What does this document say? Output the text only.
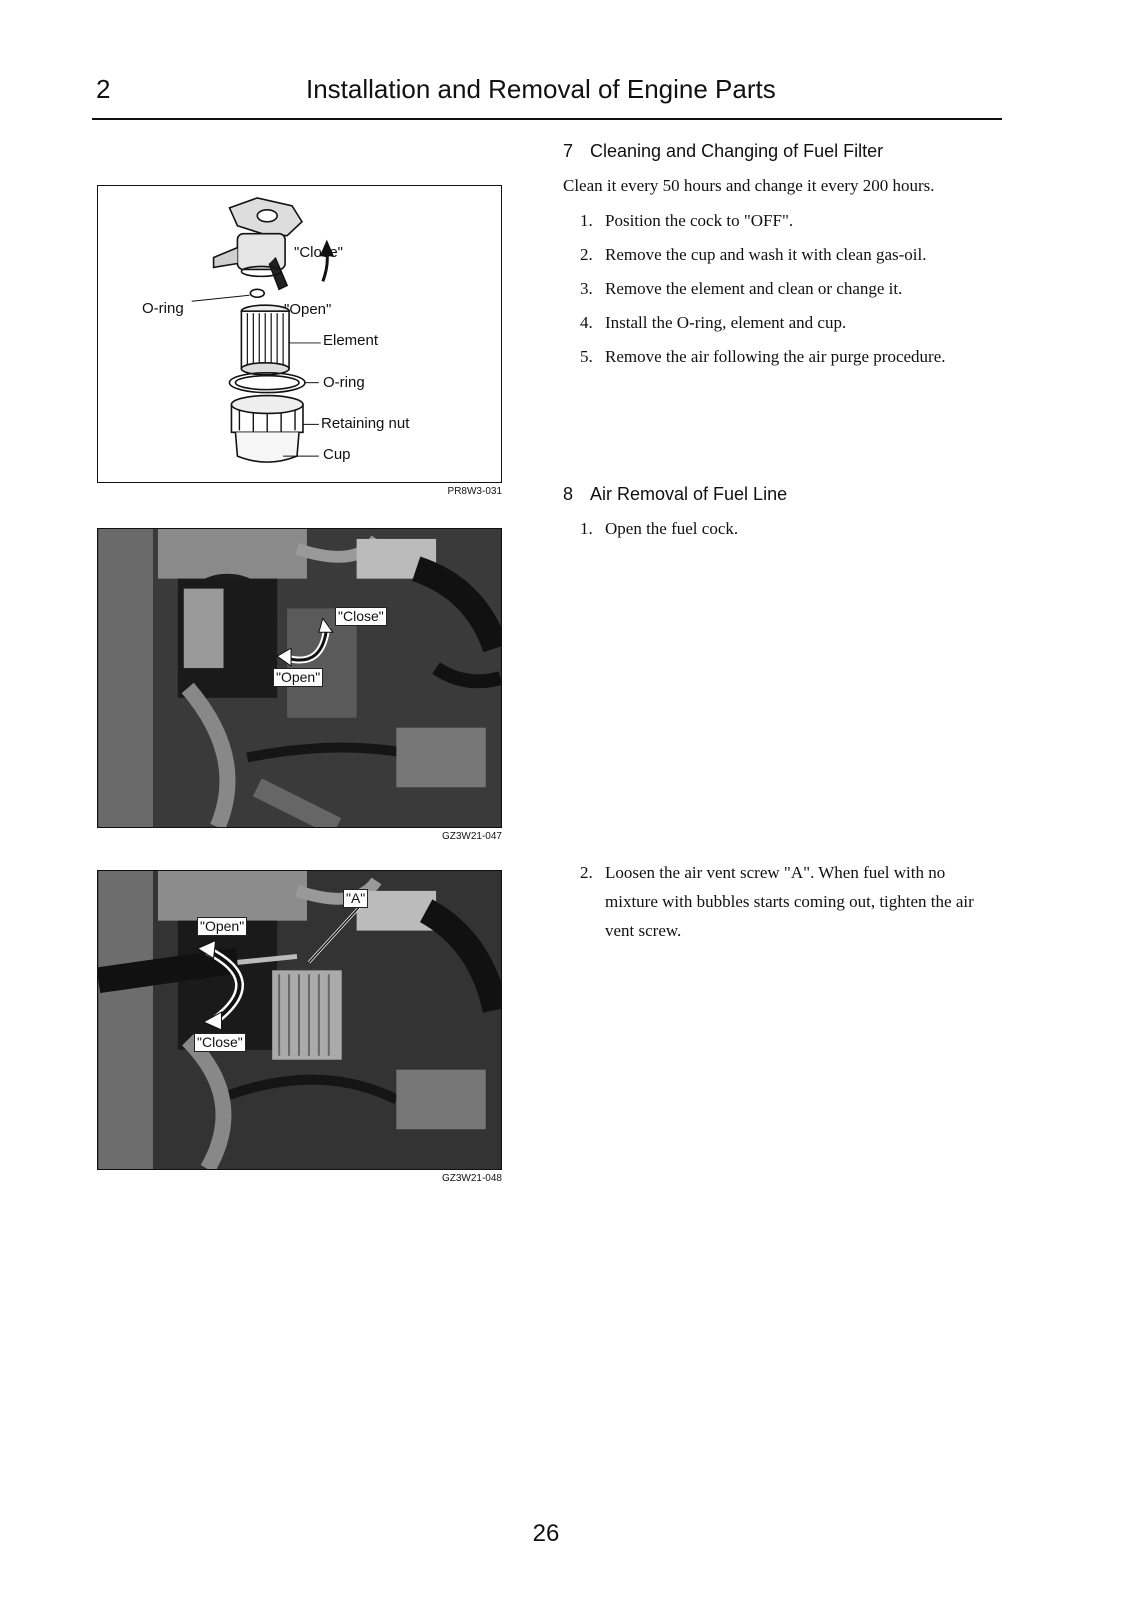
2	Installation and Removal of Engine Parts
"Close"
"Open"
Element
O-ring
Retaining nut
Cup
O-ring
PR8W3-031
"Close"
"Open"
GZ3W21-047
"A"
"Open"
"Close"
GZ3W21-048
7 Cleaning and Changing of Fuel Filter
Clean it every 50 hours and change it every 200 hours.
1. Position the cock to "OFF".
2. Remove the cup and wash it with clean gas-oil.
3. Remove the element and clean or change it.
4. Install the O-ring, element and cup.
5. Remove the air following the air purge procedure.
8 Air Removal of Fuel Line
1. Open the fuel cock.
2. Loosen the air vent screw "A". When fuel with no mixture with bubbles starts coming out, tighten the air vent screw.
26
